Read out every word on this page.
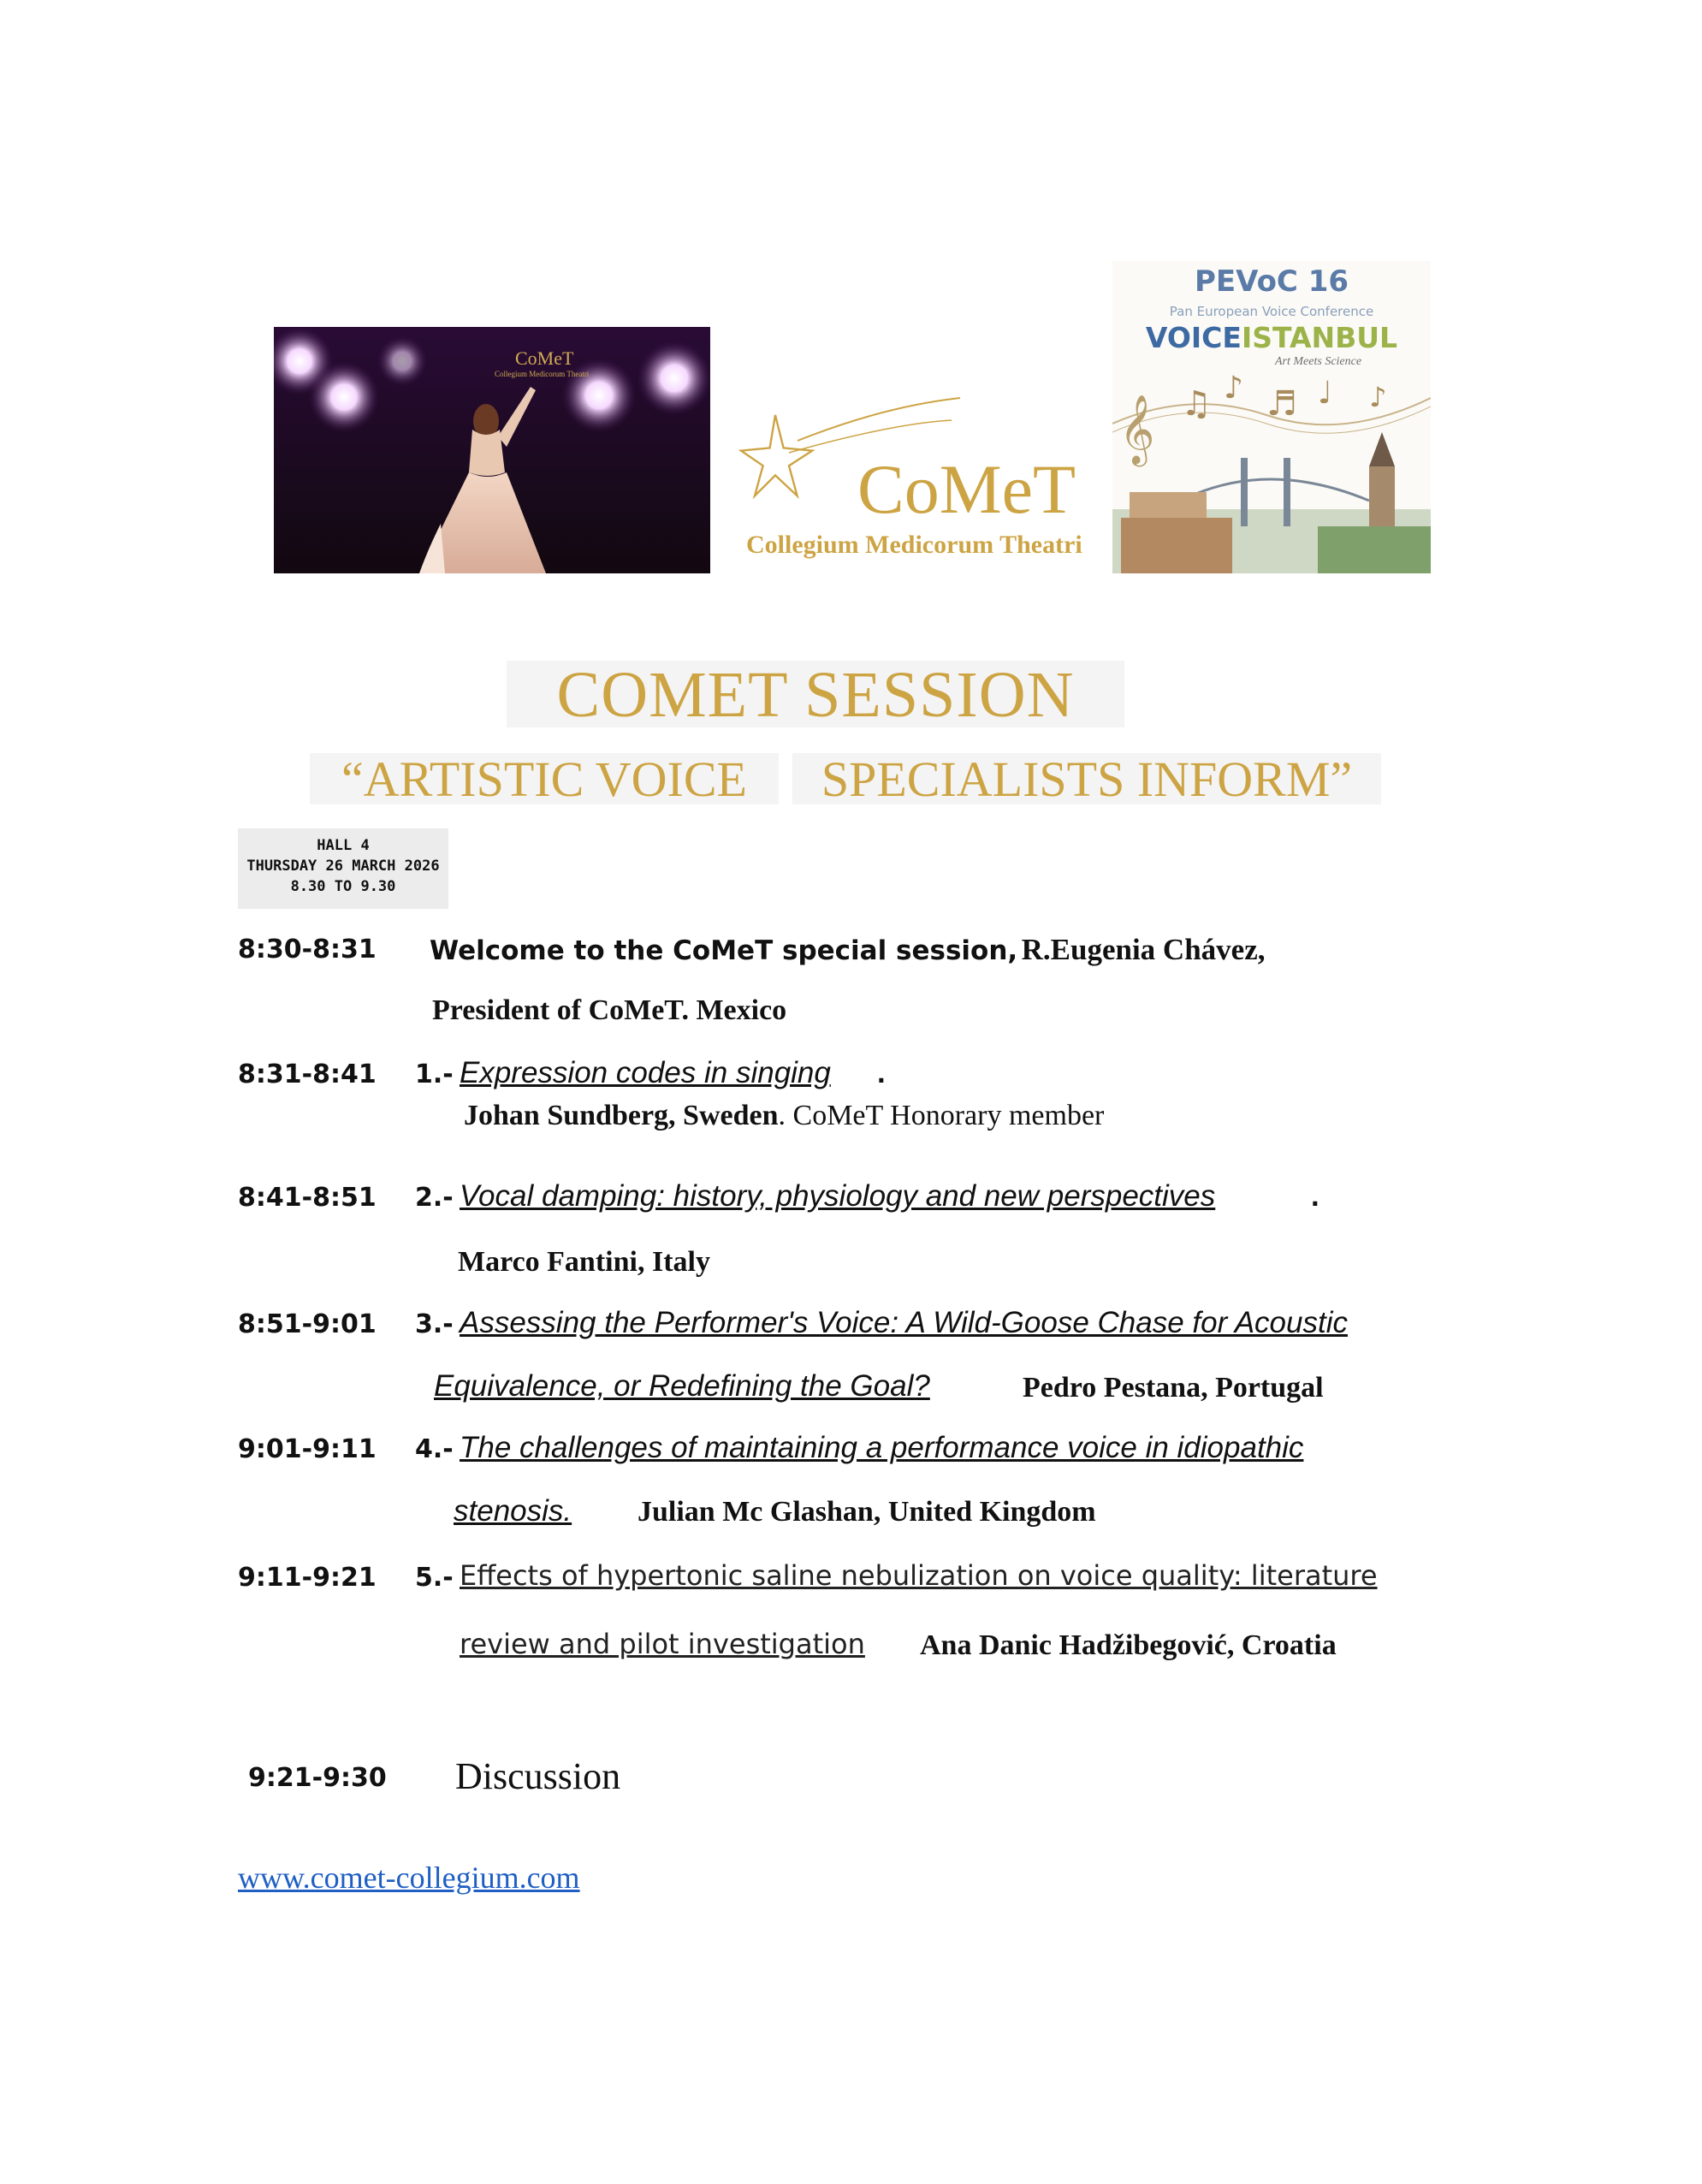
CoMeT
Collegium Medicorum Theatri
CoMeT
Collegium Medicorum Theatri
PEVoC 16
Pan European Voice Conference
VOICEISTANBUL
Art Meets Science
𝄞 ♫ ♪ ♬ ♩ ♪
COMET SESSION
“ARTISTIC VOICE	SPECIALISTS INFORM”
HALL 4
THURSDAY 26 MARCH 2026
8.30 TO 9.30
8:30-8:31 Welcome to the CoMeT special session, R.Eugenia Chávez,
President of CoMeT. Mexico
8:31-8:41 1.- Expression codes in singing .
Johan Sundberg, Sweden. CoMeT Honorary member
8:41-8:51 2.- Vocal damping: history, physiology and new perspectives	.
Marco Fantini, Italy
8:51-9:01 3.- Assessing the Performer's Voice: A Wild-Goose Chase for Acoustic
Equivalence, or Redefining the Goal?	Pedro Pestana, Portugal
9:01-9:11 4.- The challenges of maintaining a performance voice in idiopathic
stenosis. Julian Mc Glashan, United Kingdom
9:11-9:21 5.- Effects of hypertonic saline nebulization on voice quality: literature
review and pilot investigation Ana Danic Hadžibegović, Croatia
9:21-9:30 Discussion
www.comet-collegium.com
